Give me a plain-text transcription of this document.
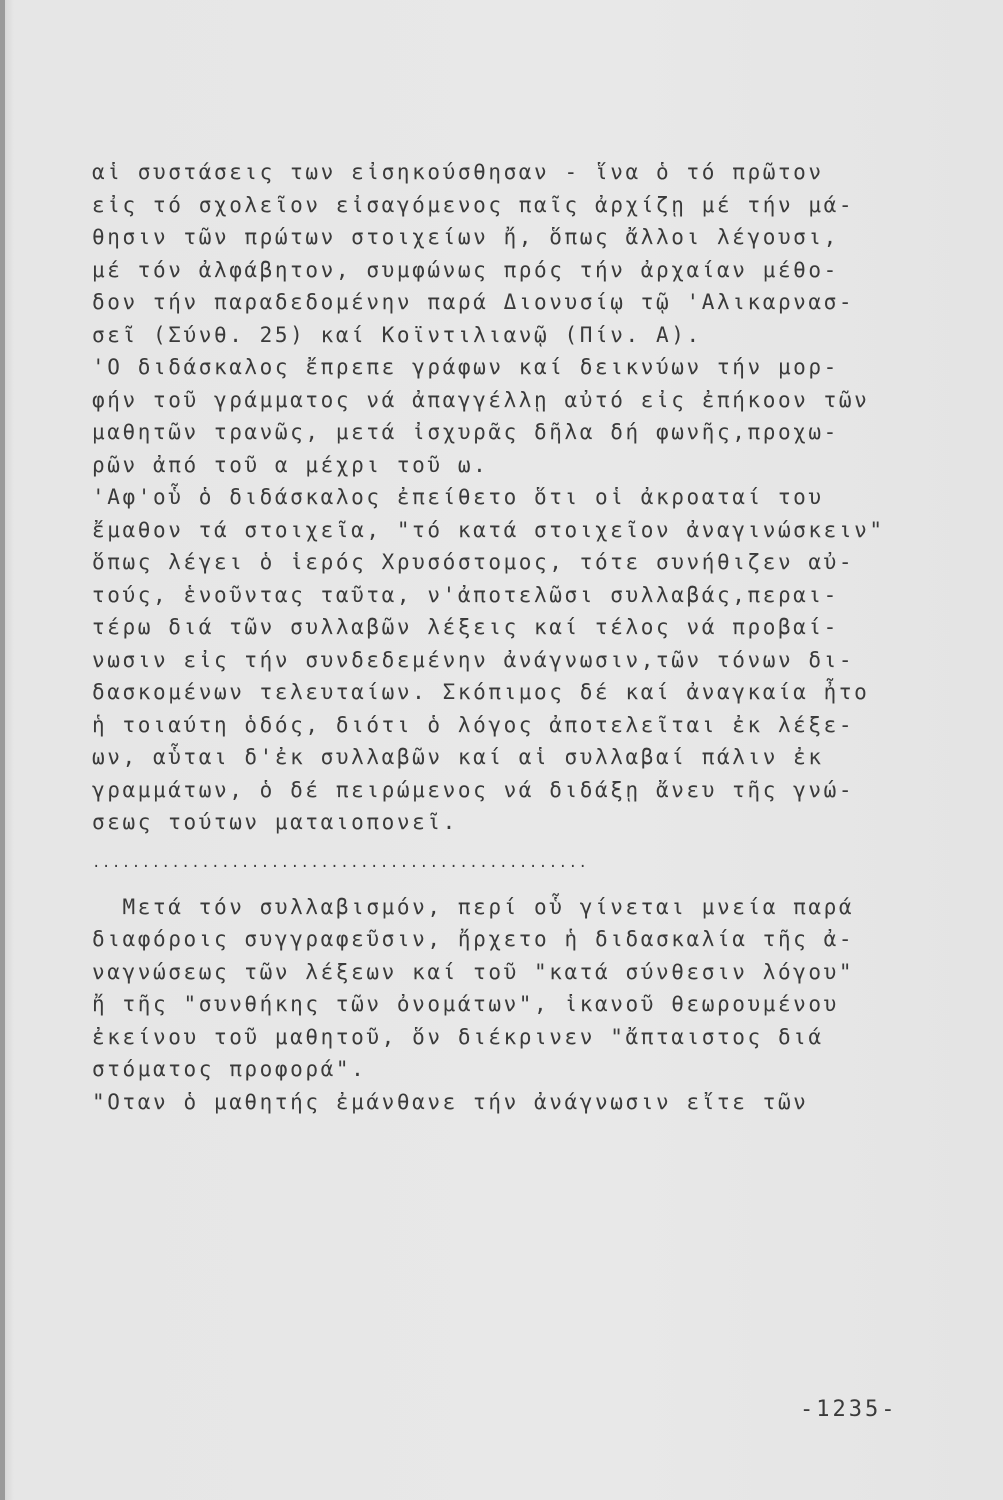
αἱ συστάσεις των εἰσηκούσθησαν - ἵνα ὁ τό πρῶτον
εἰς τό σχολεῖον εἰσαγόμενος παῖς ἀρχίζῃ μέ τήν μά-
θησιν τῶν πρώτων στοιχείων ἤ, ὅπως ἄλλοι λέγουσι,
μέ τόν ἀλφάβητον, συμφώνως πρός τήν ἀρχαίαν μέθο-
δον τήν παραδεδομένην παρά Διονυσίῳ τῷ 'Αλικαρνασ-
σεῖ (Σύνθ. 25) καί Κοϊντιλιανῷ (Πίν. Α).
'Ο διδάσκαλος ἔπρεπε γράφων καί δεικνύων τήν μορ-
φήν τοῦ γράμματος νά ἀπαγγέλλῃ αὐτό εἰς ἐπήκοον τῶν
μαθητῶν τρανῶς, μετά ἰσχυρᾶς δῆλα δή φωνῆς,προχω-
ρῶν ἀπό τοῦ α μέχρι τοῦ ω.
'Αφ'οὗ ὁ διδάσκαλος ἐπείθετο ὅτι οἱ ἀκροαταί του
ἔμαθον τά στοιχεῖα, "τό κατά στοιχεῖον ἀναγινώσκειν"
ὅπως λέγει ὁ ἱερός Χρυσόστομος, τότε συνήθιζεν αὐ-
τούς, ἑνοῦντας ταῦτα, ν'ἀποτελῶσι συλλαβάς,περαι-
τέρω διά τῶν συλλαβῶν λέξεις καί τέλος νά προβαί-
νωσιν εἰς τήν συνδεδεμένην ἀνάγνωσιν,τῶν τόνων δι-
δασκομένων τελευταίων. Σκόπιμος δέ καί ἀναγκαία ἦτο
ἡ τοιαύτη ὁδός, διότι ὁ λόγος ἀποτελεῖται ἐκ λέξε-
ων, αὗται δ'ἐκ συλλαβῶν καί αἱ συλλαβαί πάλιν ἐκ
γραμμάτων, ὁ δέ πειρώμενος νά διδάξῃ ἄνευ τῆς γνώ-
σεως τούτων ματαιοπονεῖ.
..................................................
Μετά τόν συλλαβισμόν, περί οὗ γίνεται μνεία παρά
διαφόροις συγγραφεῦσιν, ἤρχετο ἡ διδασκαλία τῆς ἀ-
ναγνώσεως τῶν λέξεων καί τοῦ "κατά σύνθεσιν λόγου"
ἤ τῆς "συνθήκης τῶν ὀνομάτων", ἱκανοῦ θεωρουμένου
ἐκείνου τοῦ μαθητοῦ, ὅν διέκρινεν "ἄπταιστος διά
στόματος προφορά".
"Οταν ὁ μαθητής ἐμάνθανε τήν ἀνάγνωσιν εἴτε τῶν
-1235-
